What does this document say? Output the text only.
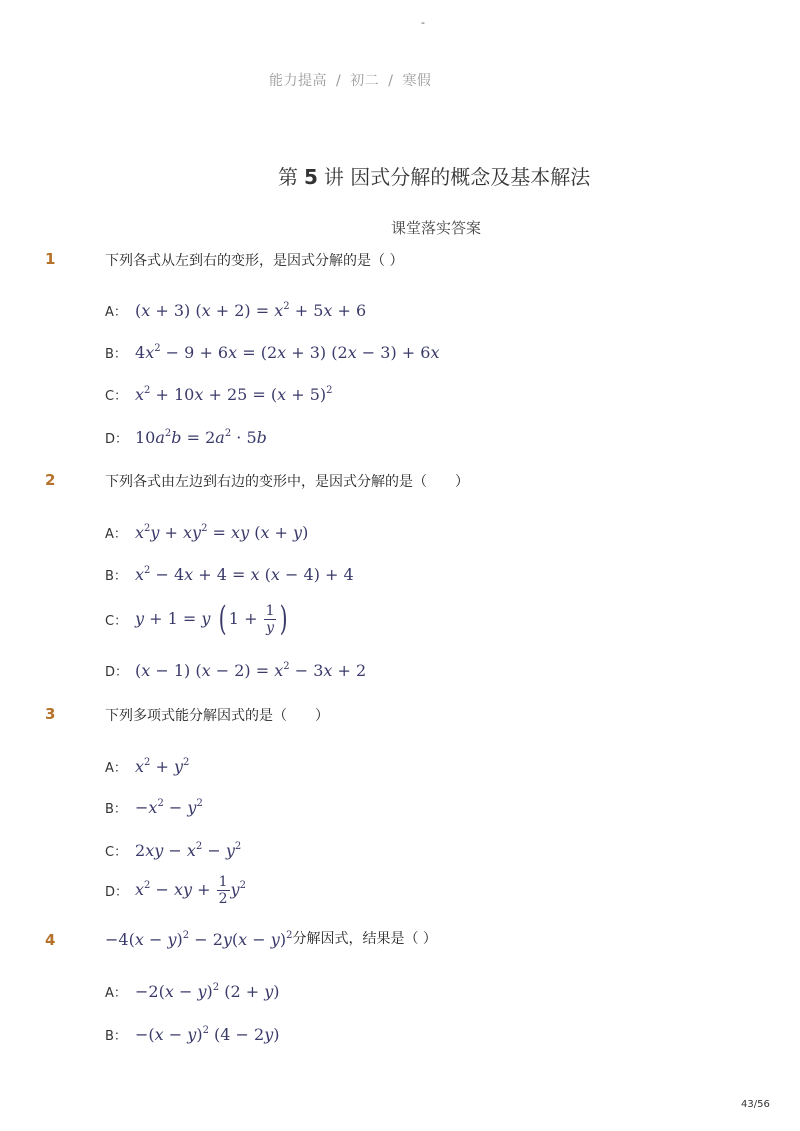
-
能力提高 / 初二 / 寒假
第 5 讲 因式分解的概念及基本解法
课堂落实答案
1	下列各式从左到右的变形，是因式分解的是（ ）
A： (x + 3) $(x + 2) = x^2 + 5x + 6$
B： $4x^2 - 9 + 6x = (2x + 3) (2x - 3) + 6x$
C： $x^2 + 10x + 25 = (x + 5)^2$
D： $10a^2b = 2a^2 \cdot 5b$
2	下列各式由左边到右边的变形中，是因式分解的是（　　）
A： $x^2y + xy^2$ = xy (x + y)
B： $x^2 - 4x + 4 = x$ (x − 4) + 4
C： y + 1 = y ( $1 + \frac{1}{y}$ )
D： (x − 1) $(x - 2) = x^2 - 3x + 2$
3	下列多项式能分解因式的是（　　）
A： $x^2 + y^2$
B： $-x^2 - y^2$
C： $2xy - x^2 - y^2$
D： $x^2$ − xy + $\frac{1}{2} y^2$
4	$-4(x - y)^2 - 2y(x - y)^2$分解因式，结果是（ ）
A： $-2(x - y)^2$ (2 + y)
B： $-(x - y)^2$ (4 − 2y)
43/56
